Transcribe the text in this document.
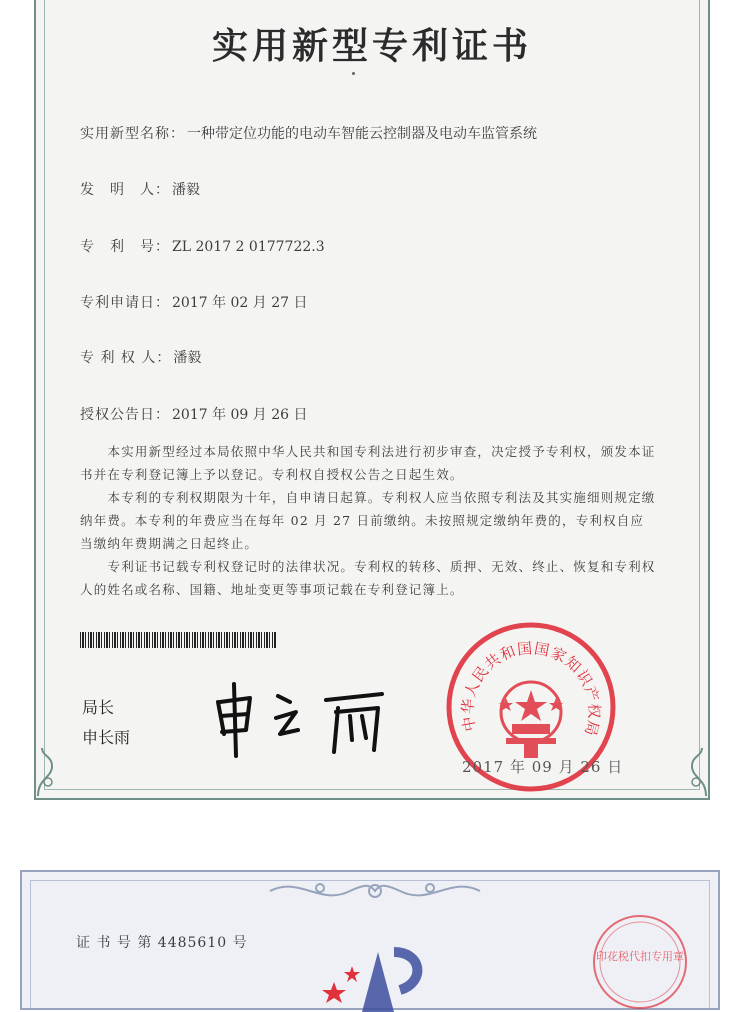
实用新型专利证书
实用新型名称： 一种带定位功能的电动车智能云控制器及电动车监管系统
发　明　人： 潘毅
专　利　号： ZL 2017 2 0177722.3
专利申请日： 2017 年 02 月 27 日
专 利 权 人： 潘毅
授权公告日： 2017 年 09 月 26 日

本实用新型经过本局依照中华人民共和国专利法进行初步审查，决定授予专利权，颁发本证书并在专利登记簿上予以登记。专利权自授权公告之日起生效。

本专利的专利权期限为十年，自申请日起算。专利权人应当依照专利法及其实施细则规定缴纳年费。本专利的年费应当在每年 02 月 27 日前缴纳。未按照规定缴纳年费的，专利权自应当缴纳年费期满之日起终止。

专利证书记载专利权登记时的法律状况。专利权的转移、质押、无效、终止、恢复和专利权人的姓名或名称、国籍、地址变更等事项记载在专利登记簿上。

局长
申长雨
中华人民共和国国家知识产权局
2017 年 09 月 26 日
证 书 号 第 4485610 号
印花税代扣专用章
